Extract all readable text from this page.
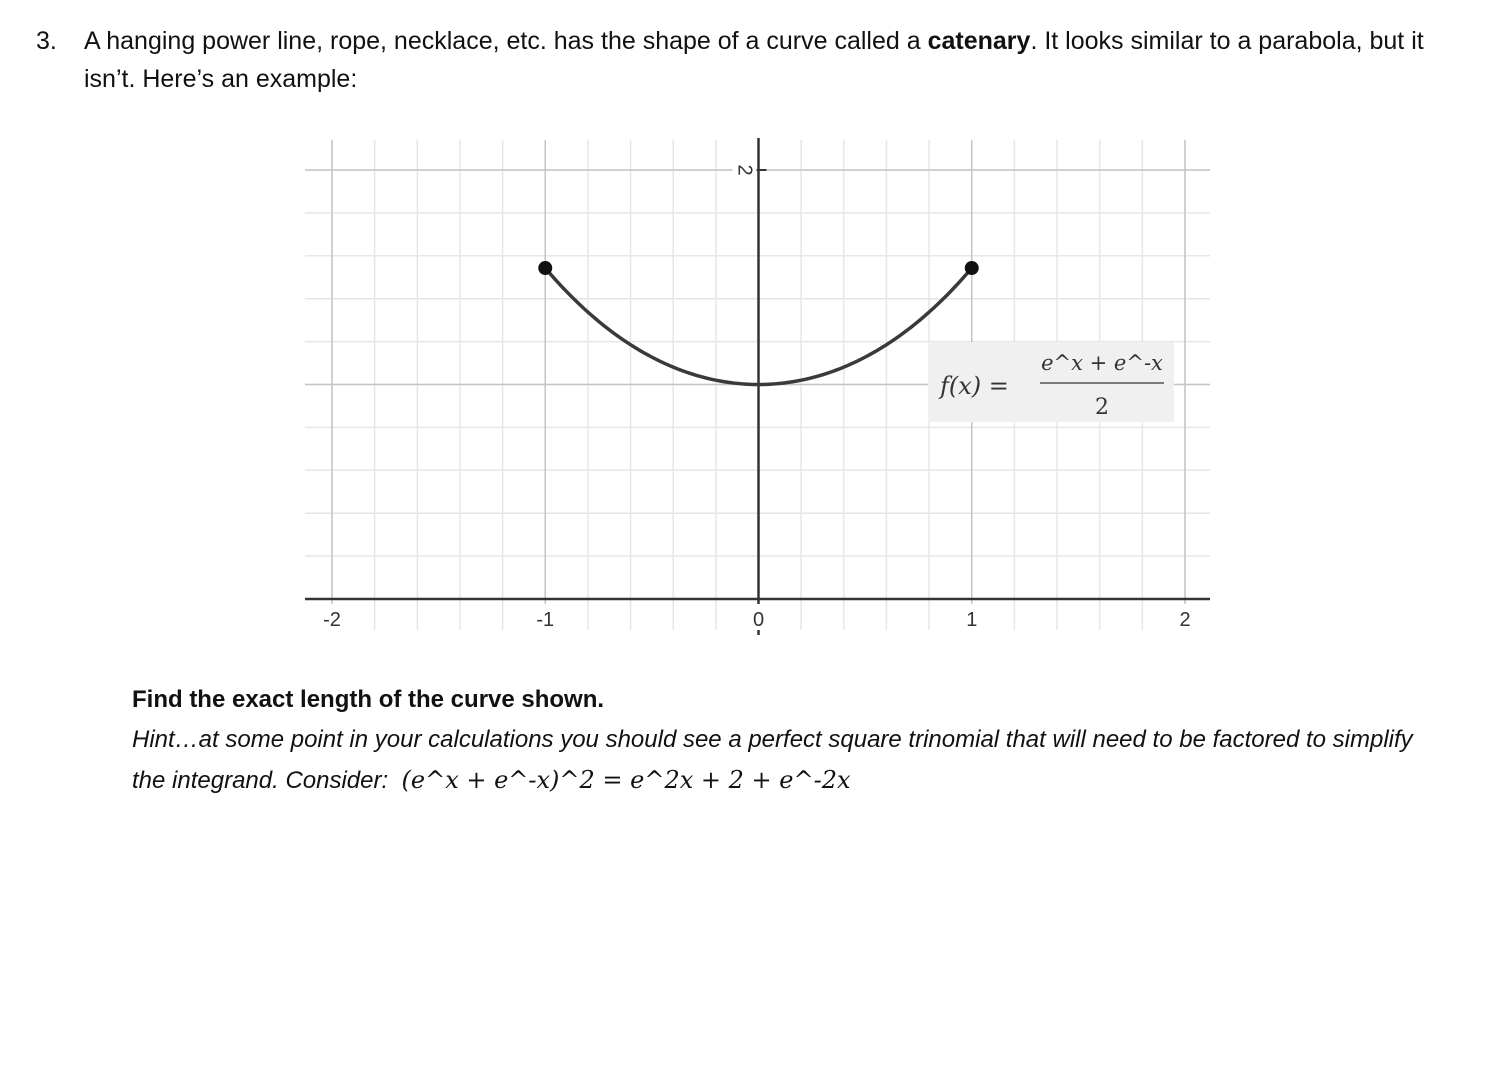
3. A hanging power line, rope, necklace, etc. has the shape of a curve called a catenary. It looks similar to a parabola, but it isn’t. Here’s an example:
-2	-1	0	1	2
2
f(x) =
e^x + e^-x
2
Find the exact length of the curve shown.
Hint…at some point in your calculations you should see a perfect square trinomial that will need to be factored to simplify the integrand. Consider: (e^x + e^-x)^2 = e^2x + 2 + e^-2x
